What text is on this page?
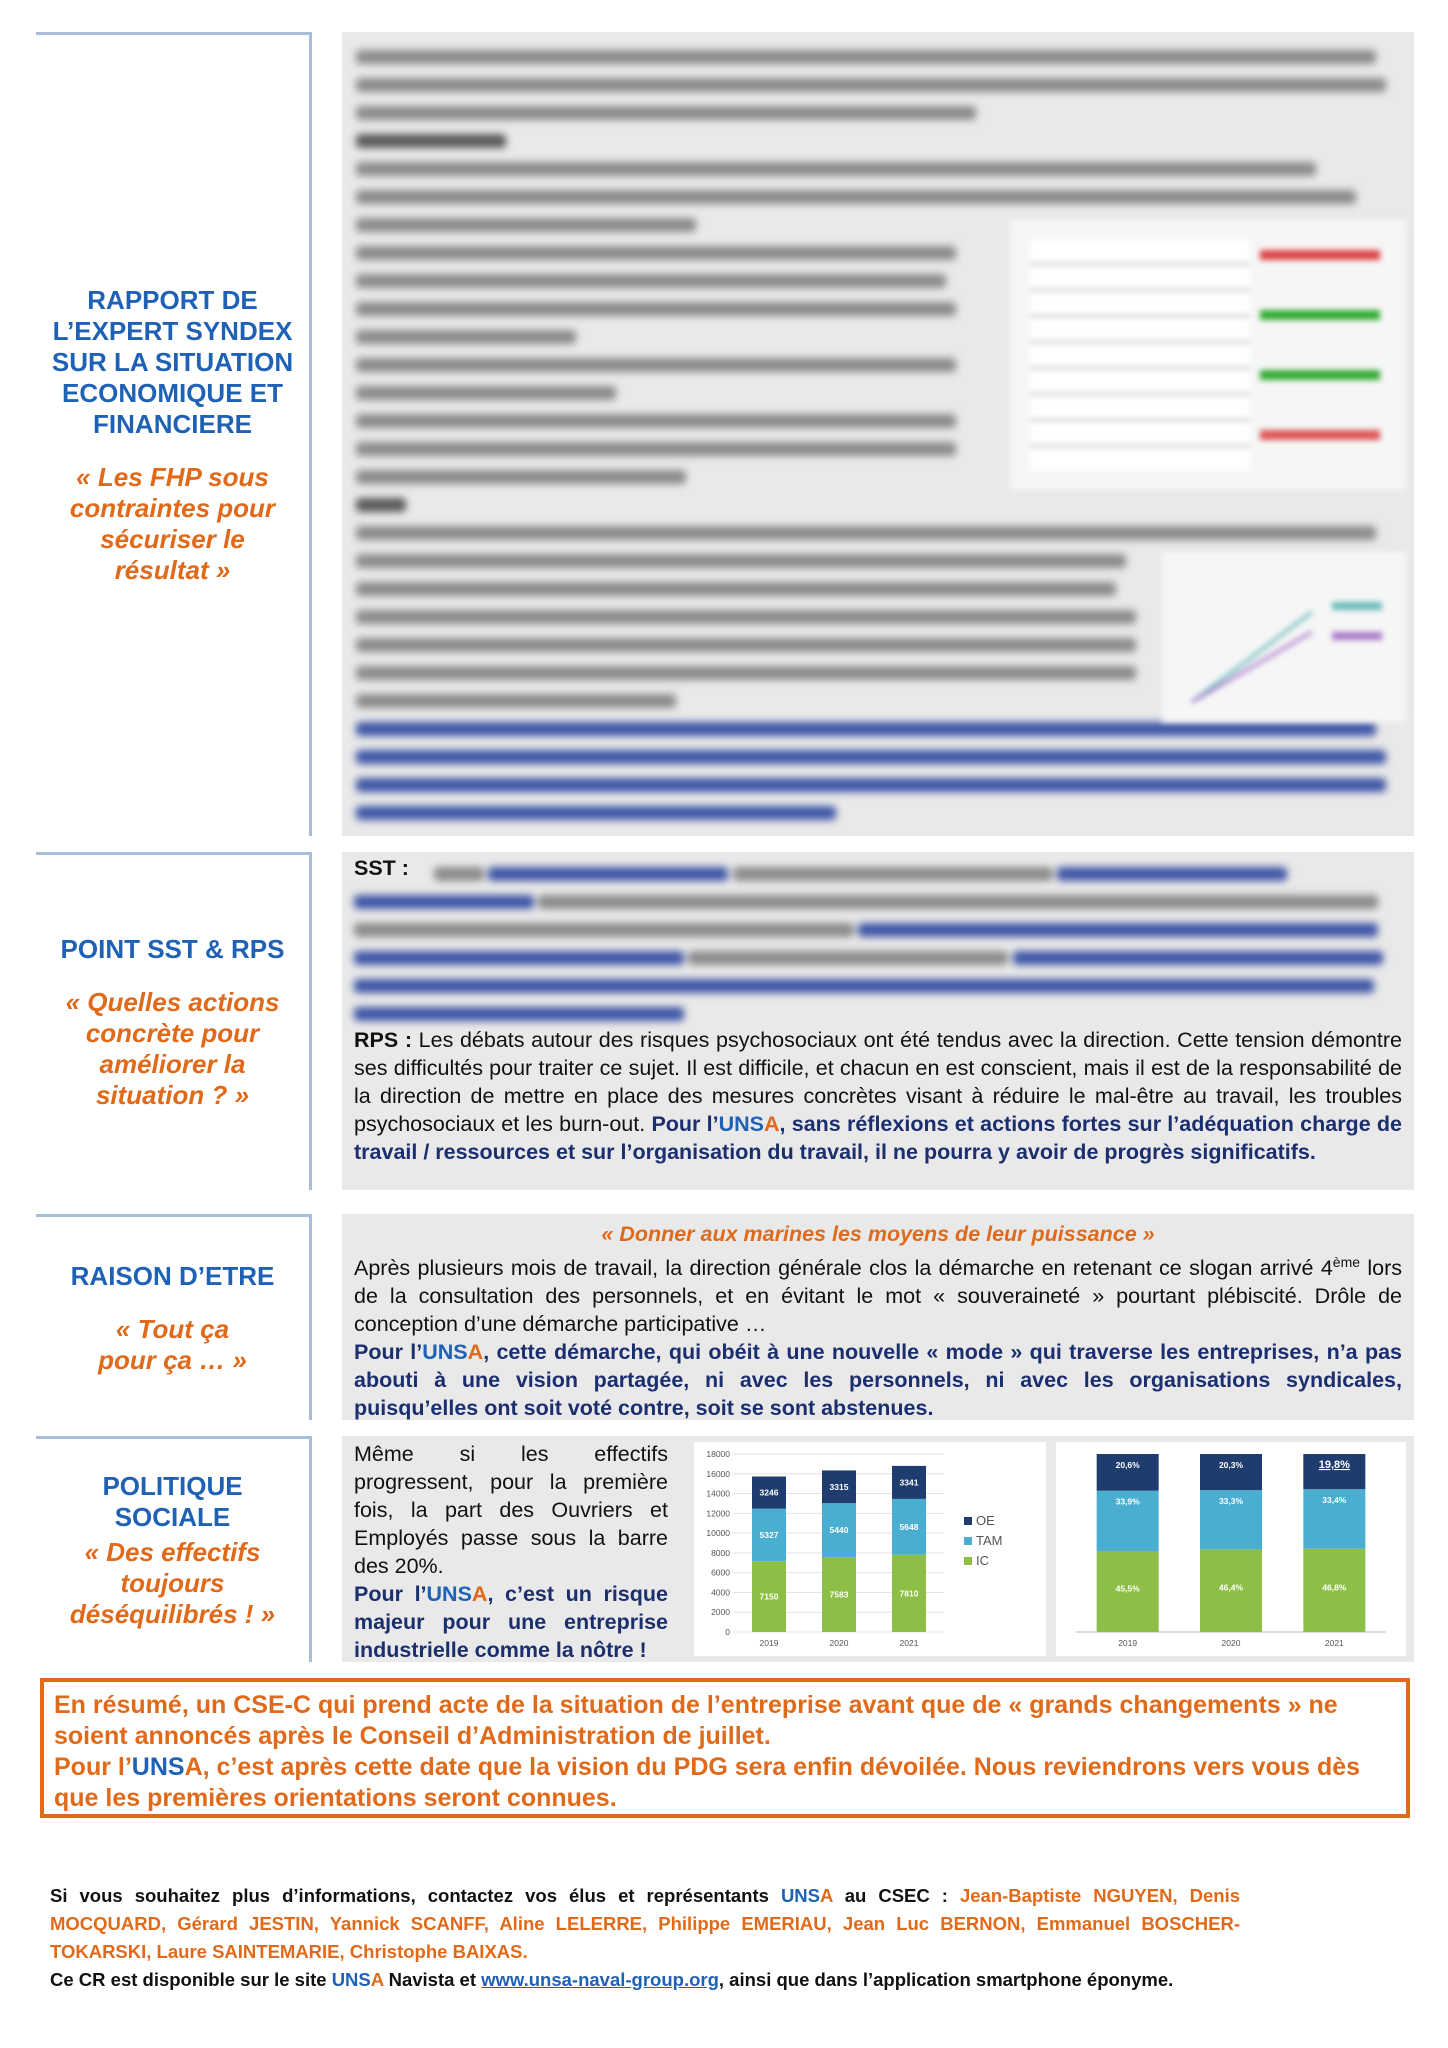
RAPPORT DE L’EXPERT SYNDEX SUR LA SITUATION ECONOMIQUE ET FINANCIERE
« Les FHP sous contraintes pour sécuriser le résultat »
POINT SST & RPS
« Quelles actions concrète pour améliorer la situation ? »
SST :

RPS : Les débats autour des risques psychosociaux ont été tendus avec la direction. Cette tension démontre ses difficultés pour traiter ce sujet. Il est difficile, et chacun en est conscient, mais il est de la responsabilité de la direction de mettre en place des mesures concrètes visant à réduire le mal-être au travail, les troubles psychosociaux et les burn-out. Pour l’UNSA, sans réflexions et actions fortes sur l’adéquation charge de travail / ressources et sur l’organisation du travail, il ne pourra y avoir de progrès significatifs.
RAISON D’ETRE
« Tout ça pour ça … »
« Donner aux marines les moyens de leur puissance »
Après plusieurs mois de travail, la direction générale clos la démarche en retenant ce slogan arrivé 4ème lors de la consultation des personnels, et en évitant le mot « souveraineté » pourtant plébiscité. Drôle de conception d’une démarche participative …
Pour l’UNSA, cette démarche, qui obéit à une nouvelle « mode » qui traverse les entreprises, n’a pas abouti à une vision partagée, ni avec les personnels, ni avec les organisations syndicales, puisqu’elles ont soit voté contre, soit se sont abstenues.
POLITIQUE SOCIALE
« Des effectifs toujours déséquilibrés ! »
Même si les effectifs progressent, pour la première fois, la part des Ouvriers et Employés passe sous la barre des 20%.
Pour l’UNSA, c’est un risque majeur pour une entreprise industrielle comme la nôtre !
0
2000
4000
6000
8000
10000
12000
14000
16000
18000
7150
5327
3246
2019
7583
5440
3315
2020
7810
5648
3341
2021
OE
TAM
IC
45,5%
33,9%
20,6%
2019
46,4%
33,3%
20,3%
2020
46,8%
33,4%
19,8%
2021
En résumé, un CSE-C qui prend acte de la situation de l’entreprise avant que de « grands changements » ne soient annoncés après le Conseil d’Administration de juillet.
Pour l’UNSA, c’est après cette date que la vision du PDG sera enfin dévoilée. Nous reviendrons vers vous dès que les premières orientations seront connues.
Si vous souhaitez plus d’informations, contactez vos élus et représentants UNSA au CSEC : Jean-Baptiste NGUYEN, Denis MOCQUARD, Gérard JESTIN, Yannick SCANFF, Aline LELERRE, Philippe EMERIAU, Jean Luc BERNON, Emmanuel BOSCHER-TOKARSKI, Laure SAINTEMARIE, Christophe BAIXAS.
Ce CR est disponible sur le site UNSA Navista et www.unsa-naval-group.org, ainsi que dans l’application smartphone éponyme.
